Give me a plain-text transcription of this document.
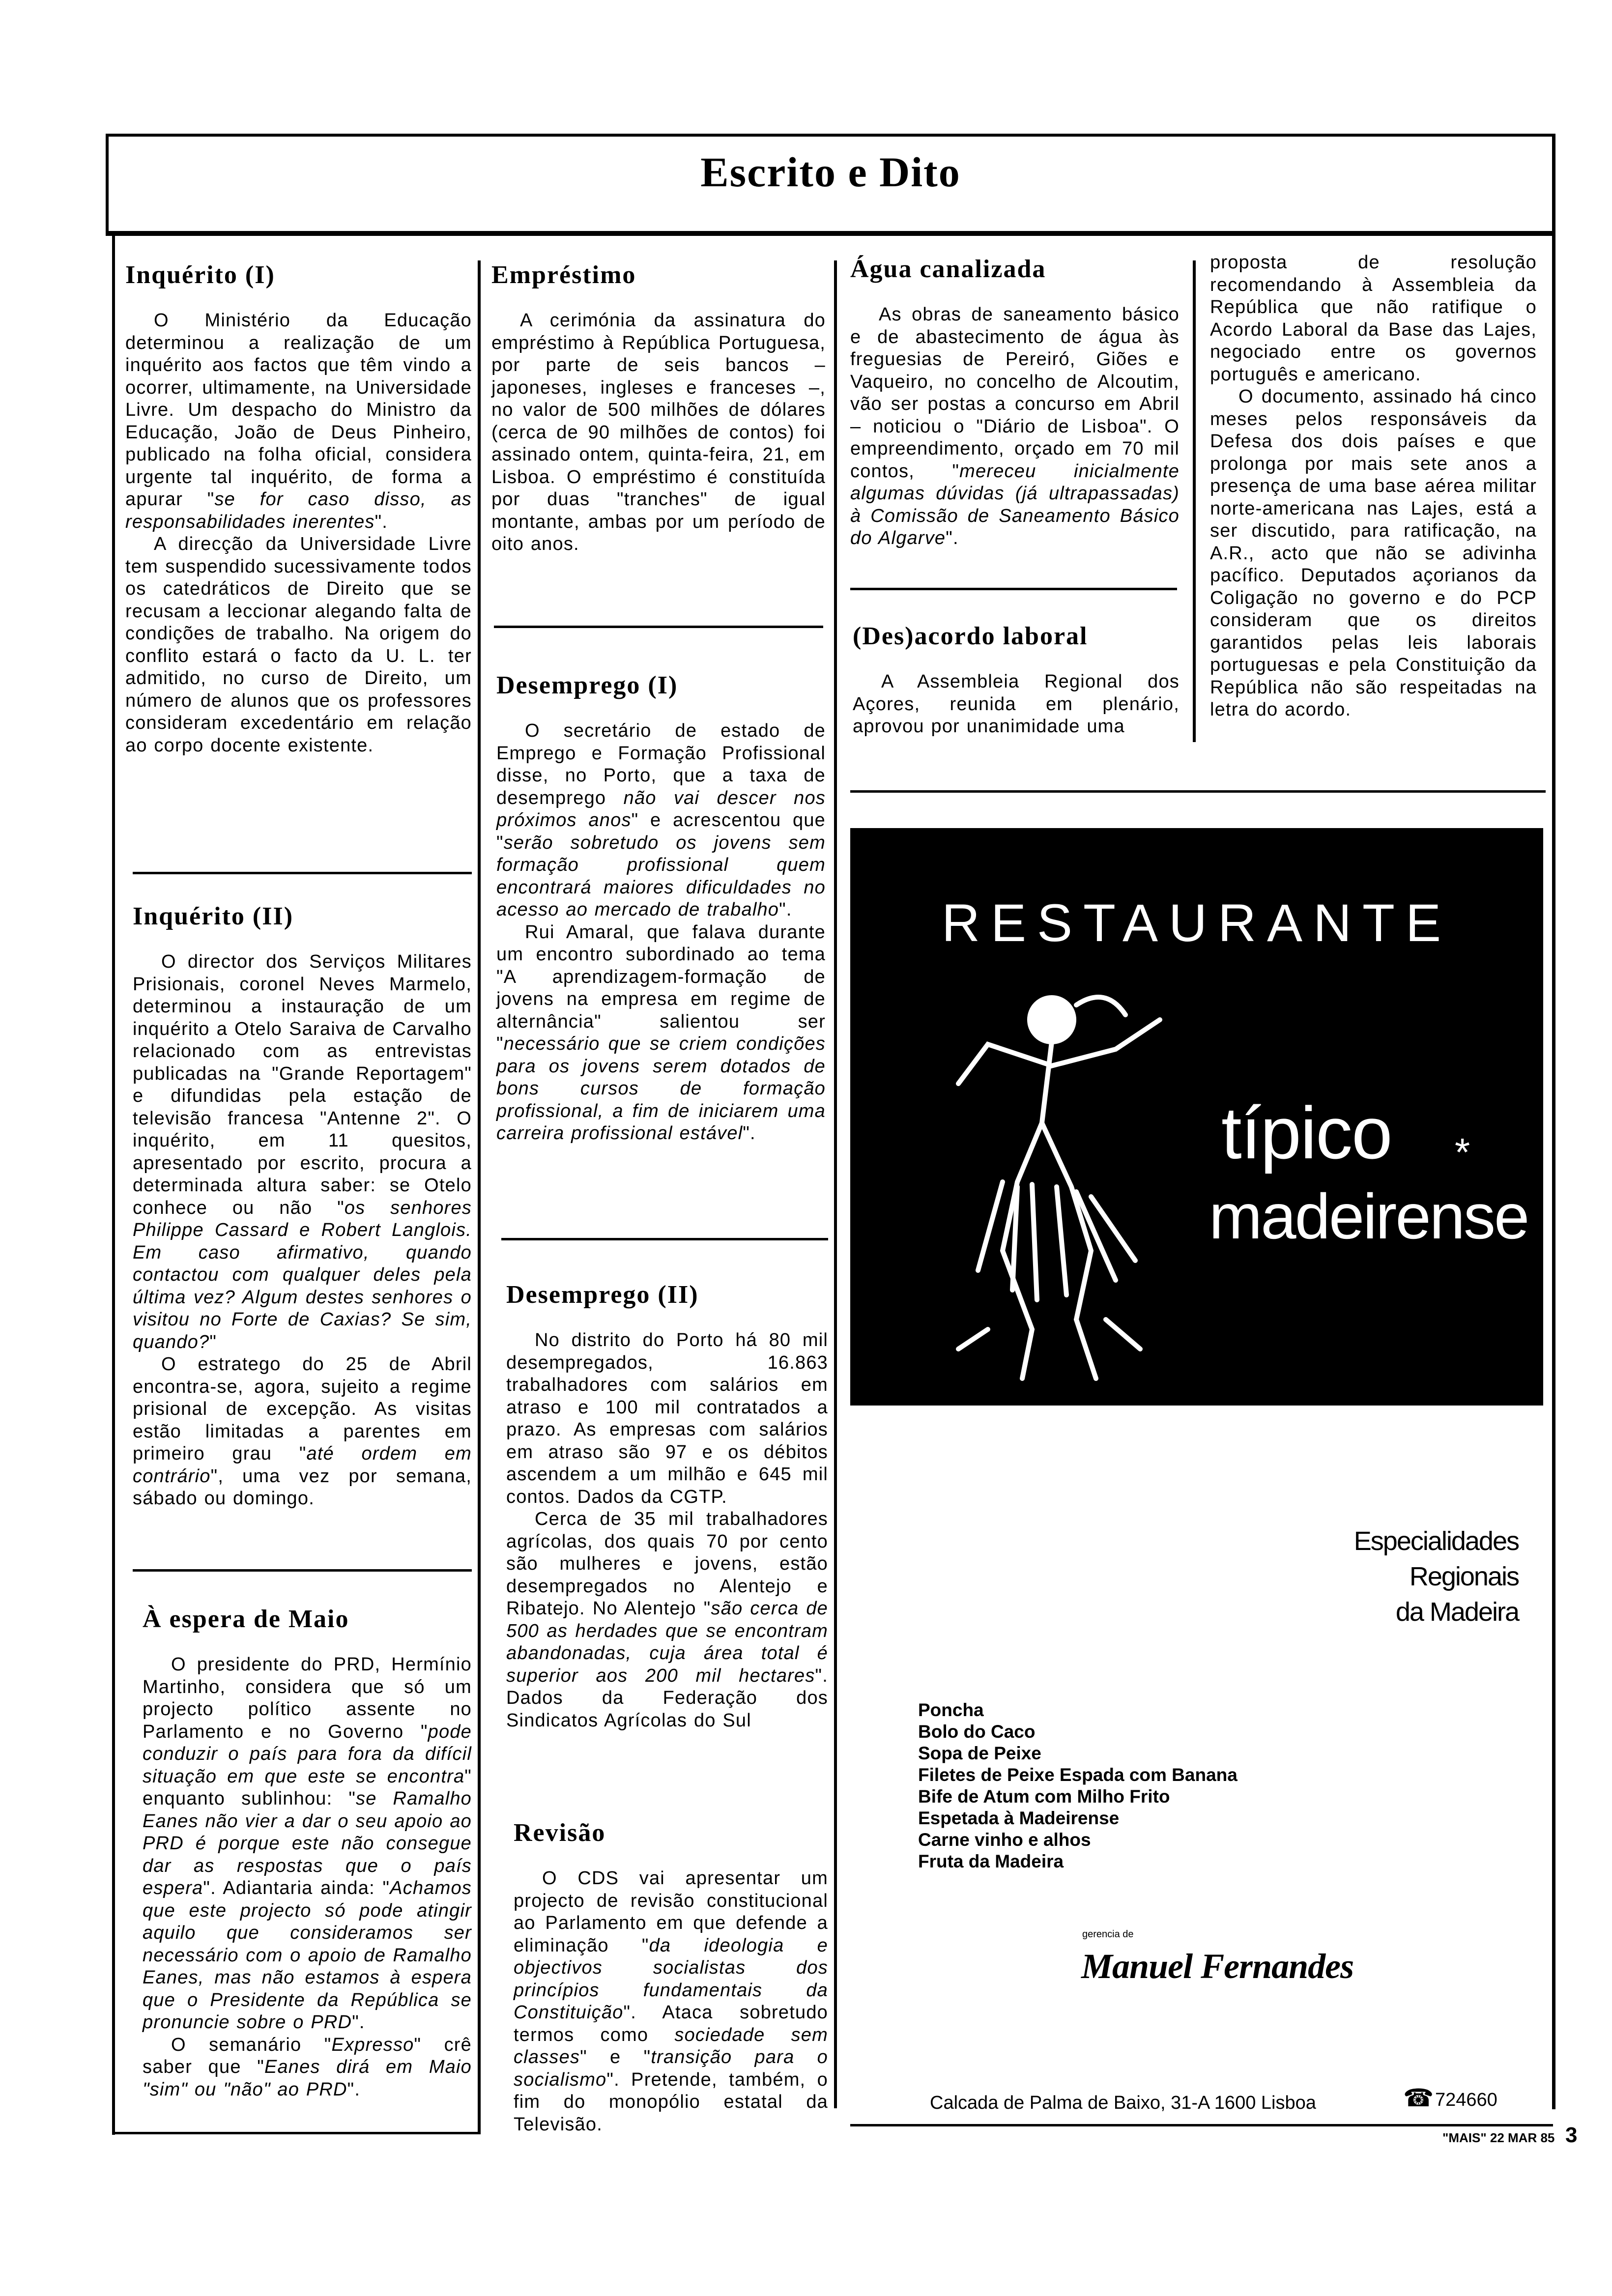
Escrito e Dito
Inquérito (I)

O Ministério da Educação determinou a realização de um inquérito aos factos que têm vindo a ocorrer, ultimamente, na Universidade Livre. Um despacho do Ministro da Educação, João de Deus Pinheiro, publicado na folha oficial, considera urgente tal inquérito, de forma a apurar "se for caso disso, as responsabilidades inerentes".

A direcção da Universidade Livre tem suspendido sucessivamente todos os catedráticos de Direito que se recusam a leccionar alegando falta de condições de trabalho. Na origem do conflito estará o facto da U. L. ter admitido, no curso de Direito, um número de alunos que os professores consideram excedentário em relação ao corpo docente existente.

Inquérito (II)

O director dos Serviços Militares Prisionais, coronel Neves Marmelo, determinou a instauração de um inquérito a Otelo Saraiva de Carvalho relacionado com as entrevistas publicadas na "Grande Reportagem" e difundidas pela estação de televisão francesa "Antenne 2". O inquérito, em 11 quesitos, apresentado por escrito, procura a determinada altura saber: se Otelo conhece ou não "os senhores Philippe Cassard e Robert Langlois. Em caso afirmativo, quando contactou com qualquer deles pela última vez? Algum destes senhores o visitou no Forte de Caxias? Se sim, quando?"

O estratego do 25 de Abril encontra-se, agora, sujeito a regime prisional de excepção. As visitas estão limitadas a parentes em primeiro grau "até ordem em contrário", uma vez por semana, sábado ou domingo.

À espera de Maio

O presidente do PRD, Hermínio Martinho, considera que só um projecto político assente no Parlamento e no Governo "pode conduzir o país para fora da difícil situação em que este se encontra" enquanto sublinhou: "se Ramalho Eanes não vier a dar o seu apoio ao PRD é porque este não consegue dar as respostas que o país espera". Adiantaria ainda: "Achamos que este projecto só pode atingir aquilo que consideramos ser necessário com o apoio de Ramalho Eanes, mas não estamos à espera que o Presidente da República se pronuncie sobre o PRD".

O semanário "Expresso" crê saber que "Eanes dirá em Maio "sim" ou "não" ao PRD".

Empréstimo

A cerimónia da assinatura do empréstimo à República Portuguesa, por parte de seis bancos – japoneses, ingleses e franceses –, no valor de 500 milhões de dólares (cerca de 90 milhões de contos) foi assinado ontem, quinta-feira, 21, em Lisboa. O empréstimo é constituída por duas "tranches" de igual montante, ambas por um período de oito anos.

Desemprego (I)

O secretário de estado de Emprego e Formação Profissional disse, no Porto, que a taxa de desemprego não vai descer nos próximos anos" e acrescentou que "serão sobretudo os jovens sem formação profissional quem encontrará maiores dificuldades no acesso ao mercado de trabalho".

Rui Amaral, que falava durante um encontro subordinado ao tema "A aprendizagem-formação de jovens na empresa em regime de alternância" salientou ser "necessário que se criem condições para os jovens serem dotados de bons cursos de formação profissional, a fim de iniciarem uma carreira profissional estável".

Desemprego (II)

No distrito do Porto há 80 mil desempregados, 16.863 trabalhadores com salários em atraso e 100 mil contratados a prazo. As empresas com salários em atraso são 97 e os débitos ascendem a um milhão e 645 mil contos. Dados da CGTP.

Cerca de 35 mil trabalhadores agrícolas, dos quais 70 por cento são mulheres e jovens, estão desempregados no Alentejo e Ribatejo. No Alentejo "são cerca de 500 as herdades que se encontram abandonadas, cuja área total é superior aos 200 mil hectares". Dados da Federação dos Sindicatos Agrícolas do Sul

Revisão

O CDS vai apresentar um projecto de revisão constitucional ao Parlamento em que defende a eliminação "da ideologia e objectivos socialistas dos princípios fundamentais da Constituição". Ataca sobretudo termos como sociedade sem classes" e "transição para o socialismo". Pretende, também, o fim do monopólio estatal da Televisão.

Água canalizada

As obras de saneamento básico e de abastecimento de água às freguesias de Pereiró, Giões e Vaqueiro, no concelho de Alcoutim, vão ser postas a concurso em Abril – noticiou o "Diário de Lisboa". O empreendimento, orçado em 70 mil contos, "mereceu inicialmente algumas dúvidas (já ultrapassadas) à Comissão de Saneamento Básico do Algarve".

(Des)acordo laboral

A Assembleia Regional dos Açores, reunida em plenário, aprovou por unanimidade uma

proposta de resolução recomendando à Assembleia da República que não ratifique o Acordo Laboral da Base das Lajes, negociado entre os governos português e americano.

O documento, assinado há cinco meses pelos responsáveis da Defesa dos dois países e que prolonga por mais sete anos a presença de uma base aérea militar norte-americana nas Lajes, está a ser discutido, para ratificação, na A.R., acto que não se adivinha pacífico. Deputados açorianos da Coligação no governo e do PCP consideram que os direitos garantidos pelas leis laborais portuguesas e pela Constituição da República não são respeitadas na letra do acordo.

RESTAURANTE
típico *
madeirense
Especialidades
Regionais
da Madeira
Poncha
Bolo do Caco
Sopa de Peixe
Filetes de Peixe Espada com Banana
Bife de Atum com Milho Frito
Espetada à Madeirense
Carne vinho e alhos
Fruta da Madeira
gerencia de
Manuel Fernandes
Calcada de Palma de Baixo, 31-A 1600 Lisboa	☎ 724660
"MAIS" 22 MAR 85 3
